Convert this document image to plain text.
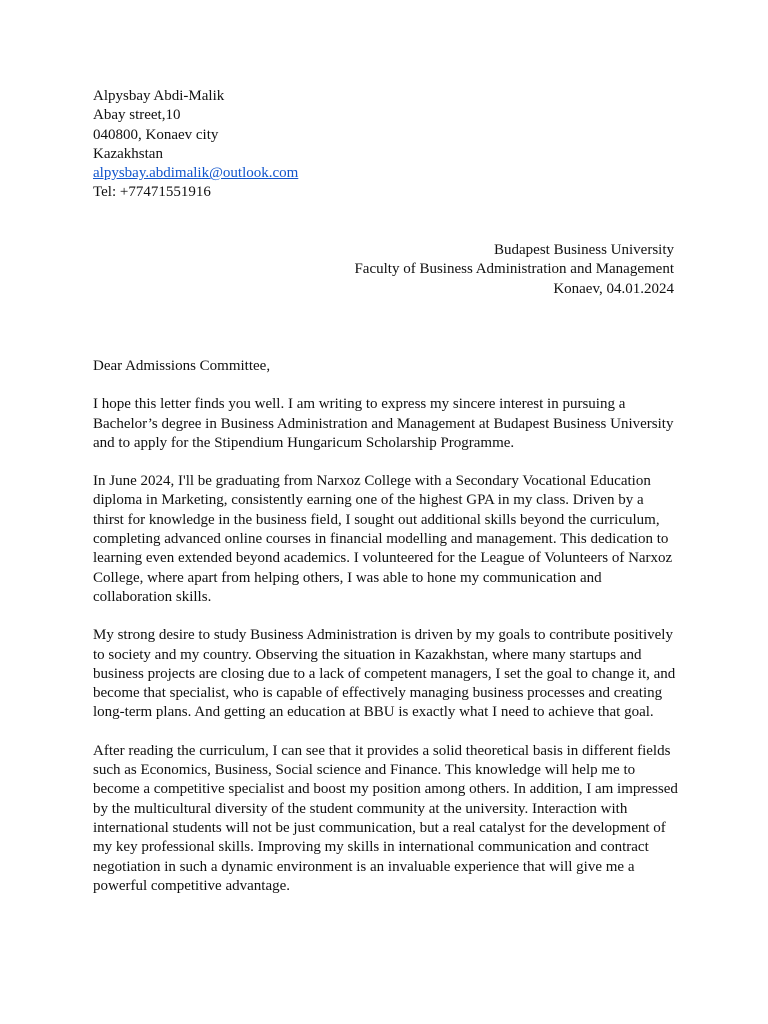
Alpysbay Abdi-Malik
Abay street,10
040800, Konaev city
Kazakhstan
alpysbay.abdimalik@outlook.com
Tel: +77471551916
Budapest Business University
Faculty of Business Administration and Management
Konaev, 04.01.2024

Dear Admissions Committee,

I hope this letter finds you well. I am writing to express my sincere interest in pursuing a Bachelor’s degree in Business Administration and Management at Budapest Business University and to apply for the Stipendium Hungaricum Scholarship Programme.

In June 2024, I'll be graduating from Narxoz College with a Secondary Vocational Education diploma in Marketing, consistently earning one of the highest GPA in my class. Driven by a thirst for knowledge in the business field, I sought out additional skills beyond the curriculum, completing advanced online courses in financial modelling and management. This dedication to learning even extended beyond academics. I volunteered for the League of Volunteers of Narxoz College, where apart from helping others, I was able to hone my communication and collaboration skills.

My strong desire to study Business Administration is driven by my goals to contribute positively to society and my country. Observing the situation in Kazakhstan, where many startups and business projects are closing due to a lack of competent managers, I set the goal to change it, and become that specialist, who is capable of effectively managing business processes and creating long-term plans. And getting an education at BBU is exactly what I need to achieve that goal.

After reading the curriculum, I can see that it provides a solid theoretical basis in different fields such as Economics, Business, Social science and Finance. This knowledge will help me to become a competitive specialist and boost my position among others. In addition, I am impressed by the multicultural diversity of the student community at the university. Interaction with international students will not be just communication, but a real catalyst for the development of my key professional skills. Improving my skills in international communication and contract negotiation in such a dynamic environment is an invaluable experience that will give me a powerful competitive advantage.
